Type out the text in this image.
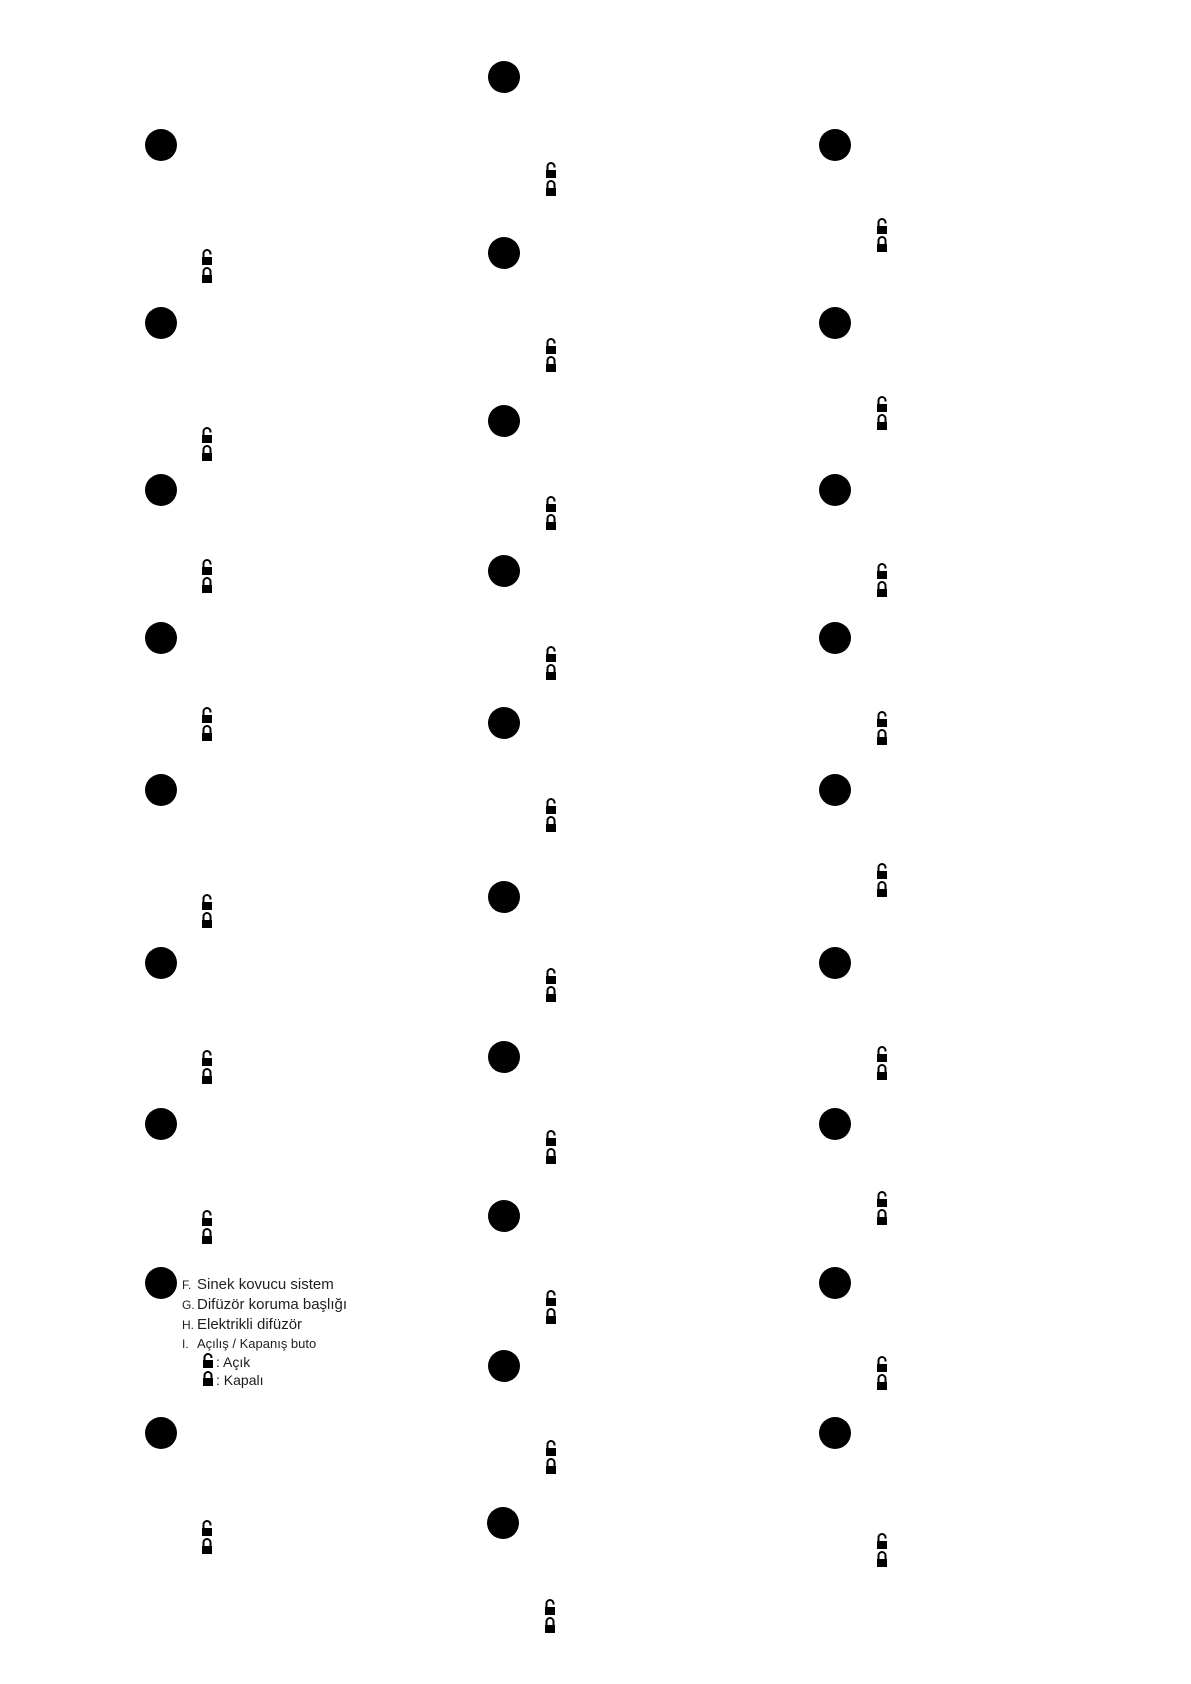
F. Sinek kovucu sistem
G. Difüzör koruma başlığı
H. Elektrikli difüzör
I. Açılış / Kapanış buto
: Açık
: Kapalı
